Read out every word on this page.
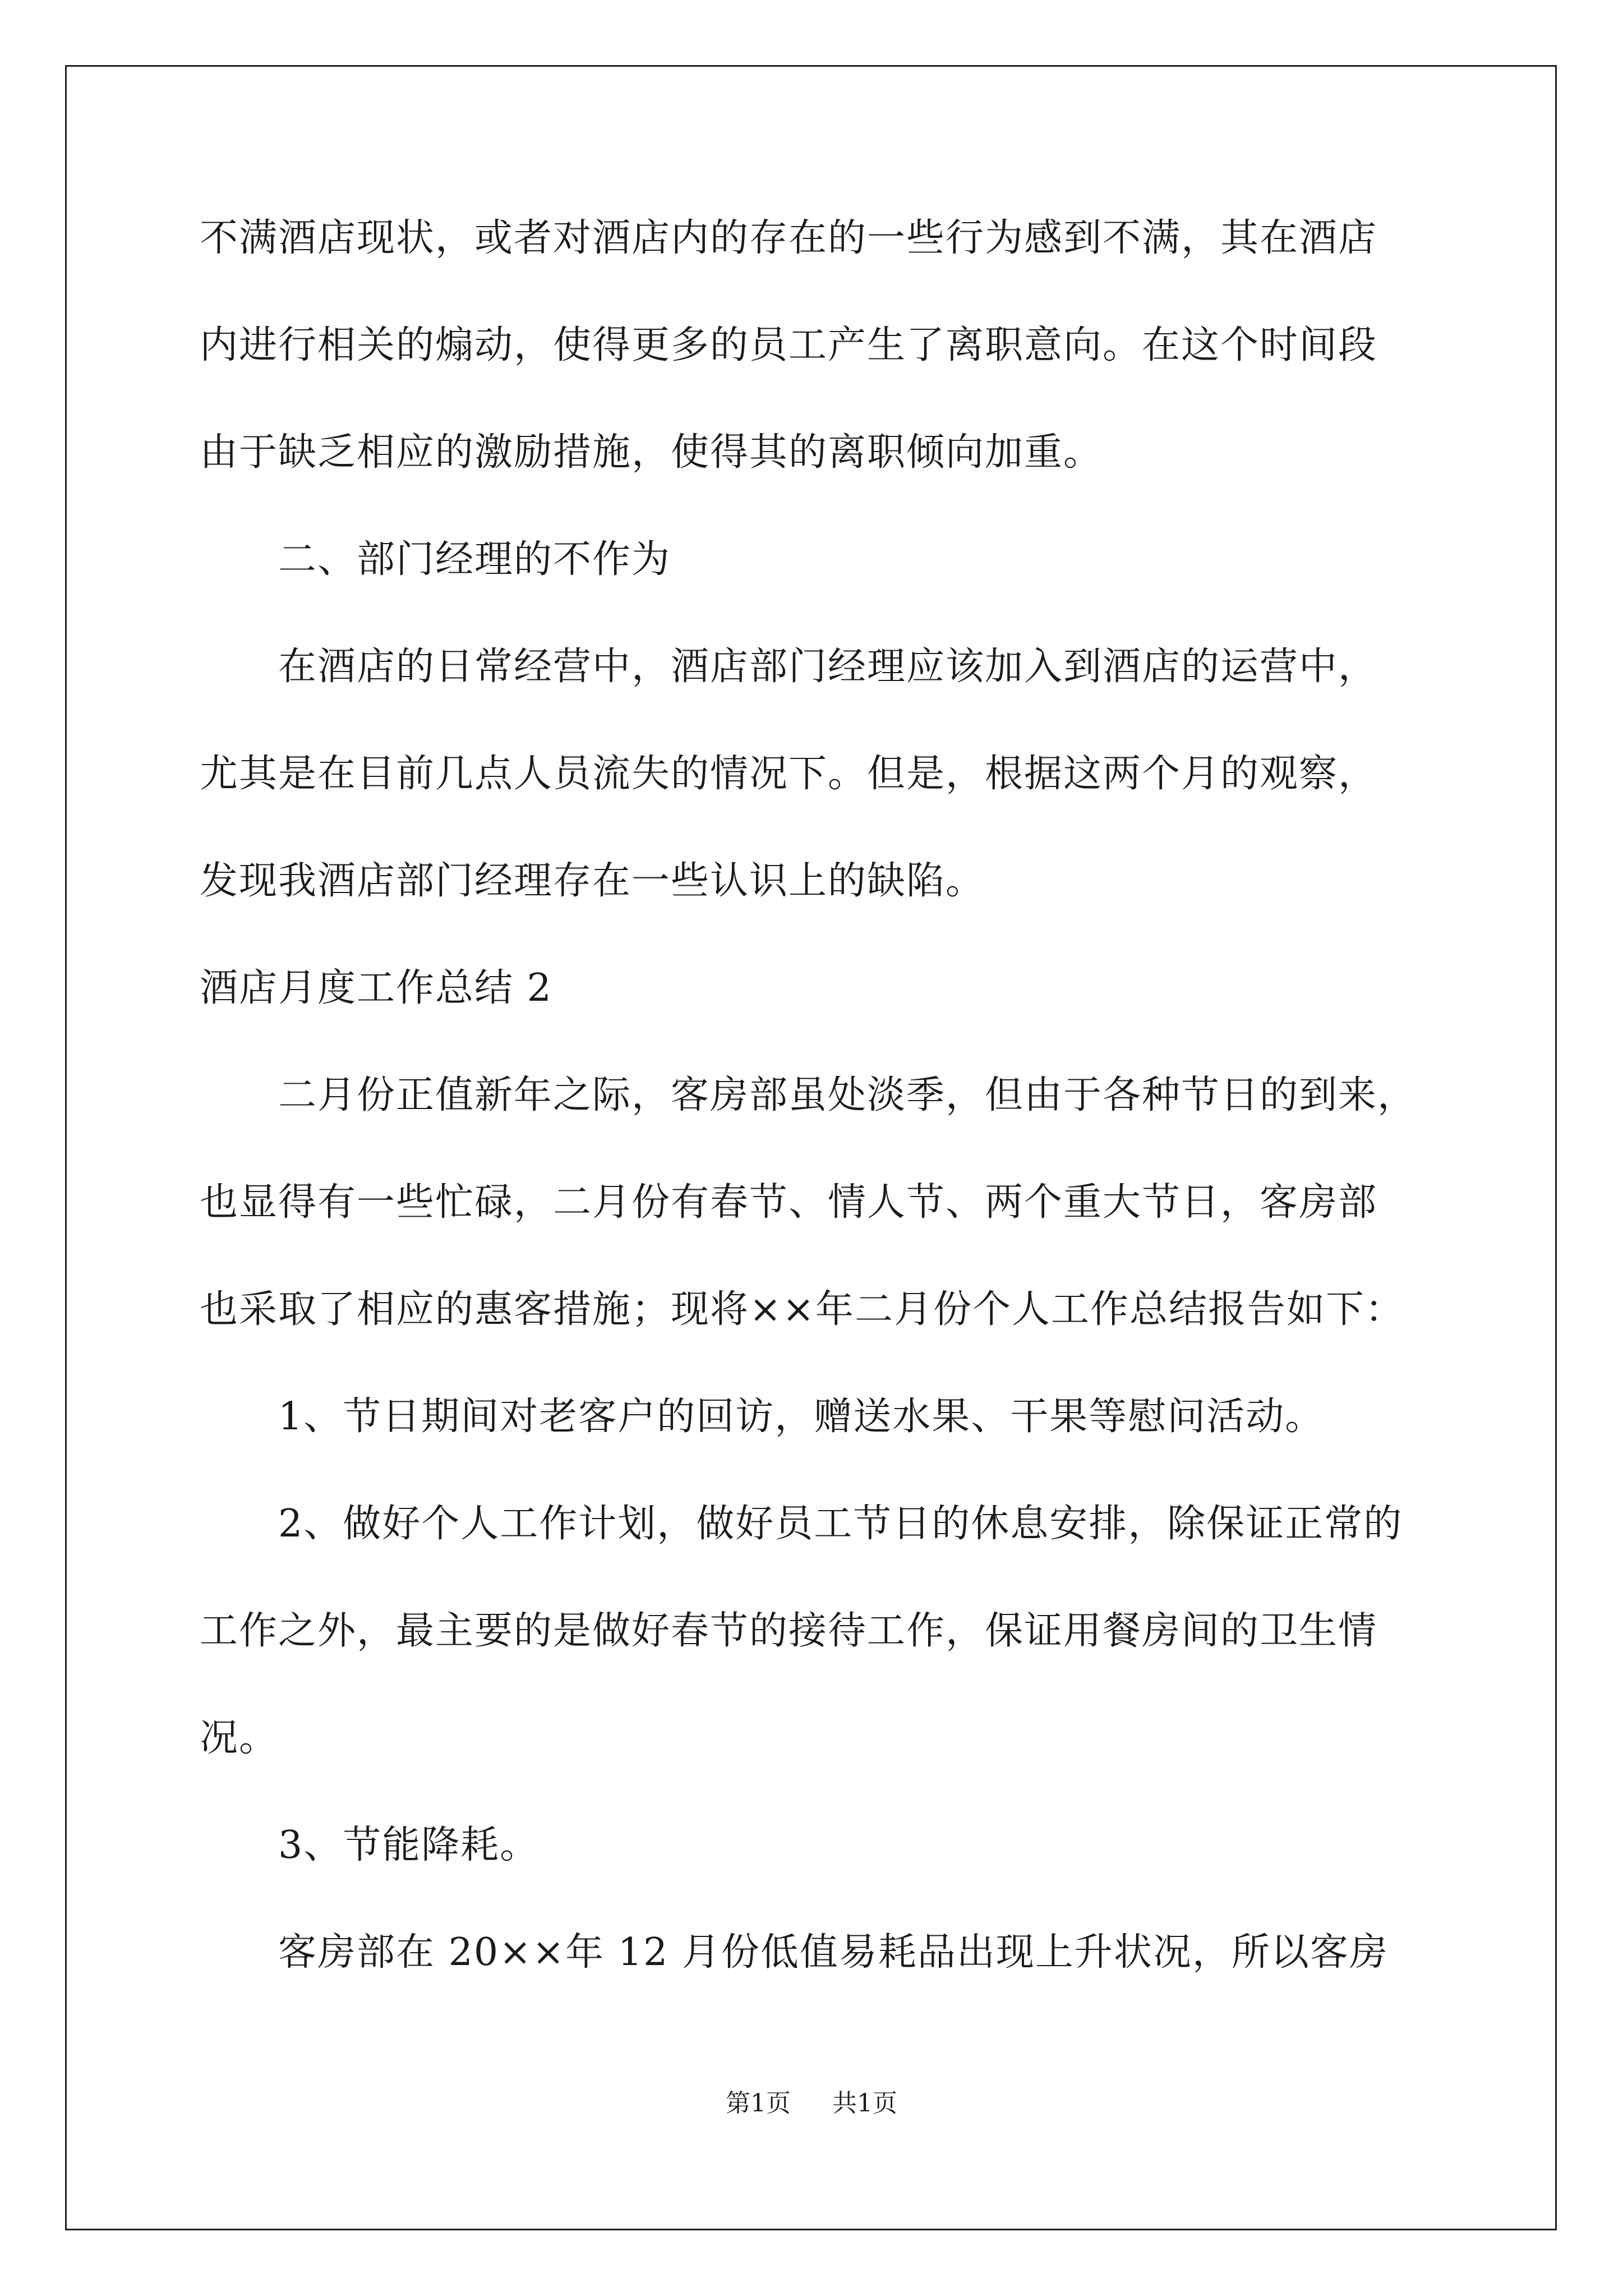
不满酒店现状，或者对酒店内的存在的一些行为感到不满，其在酒店

内进行相关的煽动，使得更多的员工产生了离职意向。在这个时间段

由于缺乏相应的激励措施，使得其的离职倾向加重。

二、部门经理的不作为

在酒店的日常经营中，酒店部门经理应该加入到酒店的运营中，

尤其是在目前几点人员流失的情况下。但是，根据这两个月的观察，

发现我酒店部门经理存在一些认识上的缺陷。

酒店月度工作总结 2

二月份正值新年之际，客房部虽处淡季，但由于各种节日的到来，

也显得有一些忙碌，二月份有春节、情人节、两个重大节日，客房部

也采取了相应的惠客措施；现将××年二月份个人工作总结报告如下：

1、节日期间对老客户的回访，赠送水果、干果等慰问活动。

2、做好个人工作计划，做好员工节日的休息安排，除保证正常的

工作之外，最主要的是做好春节的接待工作，保证用餐房间的卫生情

况。

3、节能降耗。

客房部在 20××年 12 月份低值易耗品出现上升状况，所以客房

第1页 共1页
